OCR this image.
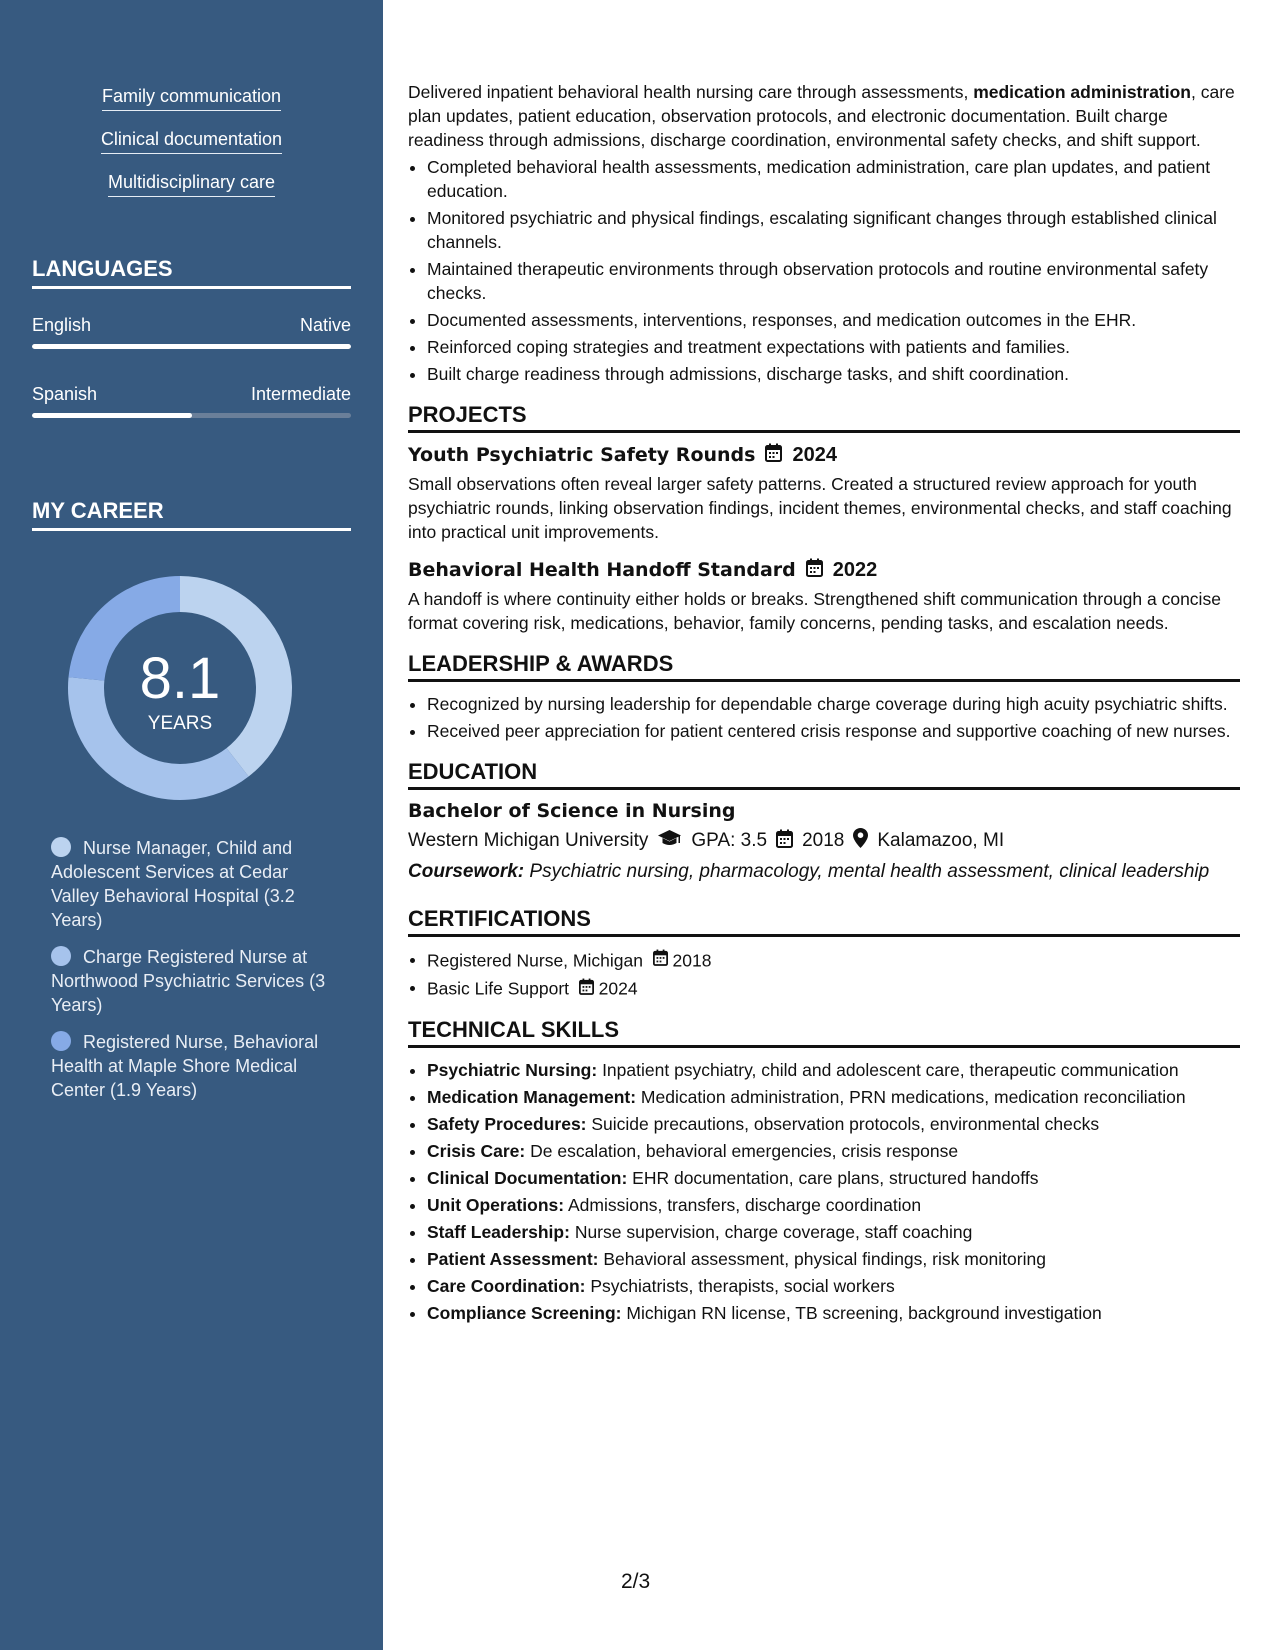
Family communication
Clinical documentation
Multidisciplinary care
LANGUAGES
English	Native
Spanish	Intermediate
MY CAREER
8.1
YEARS
Nurse Manager, Child and Adolescent Services at Cedar Valley Behavioral Hospital (3.2 Years)
Charge Registered Nurse at Northwood Psychiatric Services (3 Years)
Registered Nurse, Behavioral Health at Maple Shore Medical Center (1.9 Years)

Delivered inpatient behavioral health nursing care through assessments, medication administration, care plan updates, patient education, observation protocols, and electronic documentation. Built charge readiness through admissions, discharge coordination, environmental safety checks, and shift support.

• Completed behavioral health assessments, medication administration, care plan updates, and patient education.
• Monitored psychiatric and physical findings, escalating significant changes through established clinical channels.
• Maintained therapeutic environments through observation protocols and routine environmental safety checks.
• Documented assessments, interventions, responses, and medication outcomes in the EHR.
• Reinforced coping strategies and treatment expectations with patients and families.
• Built charge readiness through admissions, discharge tasks, and shift coordination.
PROJECTS
Youth Psychiatric Safety Rounds 2024

Small observations often reveal larger safety patterns. Created a structured review approach for youth psychiatric rounds, linking observation findings, incident themes, environmental checks, and staff coaching into practical unit improvements.

Behavioral Health Handoff Standard 2022

A handoff is where continuity either holds or breaks. Strengthened shift communication through a concise format covering risk, medications, behavior, family concerns, pending tasks, and escalation needs.

LEADERSHIP & AWARDS
• Recognized by nursing leadership for dependable charge coverage during high acuity psychiatric shifts.
• Received peer appreciation for patient centered crisis response and supportive coaching of new nurses.
EDUCATION
Bachelor of Science in Nursing
Western Michigan University GPA: 3.5 2018 Kalamazoo, MI
Coursework: Psychiatric nursing, pharmacology, mental health assessment, clinical leadership
CERTIFICATIONS
• Registered Nurse, Michigan 2018
• Basic Life Support 2024
TECHNICAL SKILLS
• Psychiatric Nursing: Inpatient psychiatry, child and adolescent care, therapeutic communication
• Medication Management: Medication administration, PRN medications, medication reconciliation
• Safety Procedures: Suicide precautions, observation protocols, environmental checks
• Crisis Care: De escalation, behavioral emergencies, crisis response
• Clinical Documentation: EHR documentation, care plans, structured handoffs
• Unit Operations: Admissions, transfers, discharge coordination
• Staff Leadership: Nurse supervision, charge coverage, staff coaching
• Patient Assessment: Behavioral assessment, physical findings, risk monitoring
• Care Coordination: Psychiatrists, therapists, social workers
• Compliance Screening: Michigan RN license, TB screening, background investigation
2/3
